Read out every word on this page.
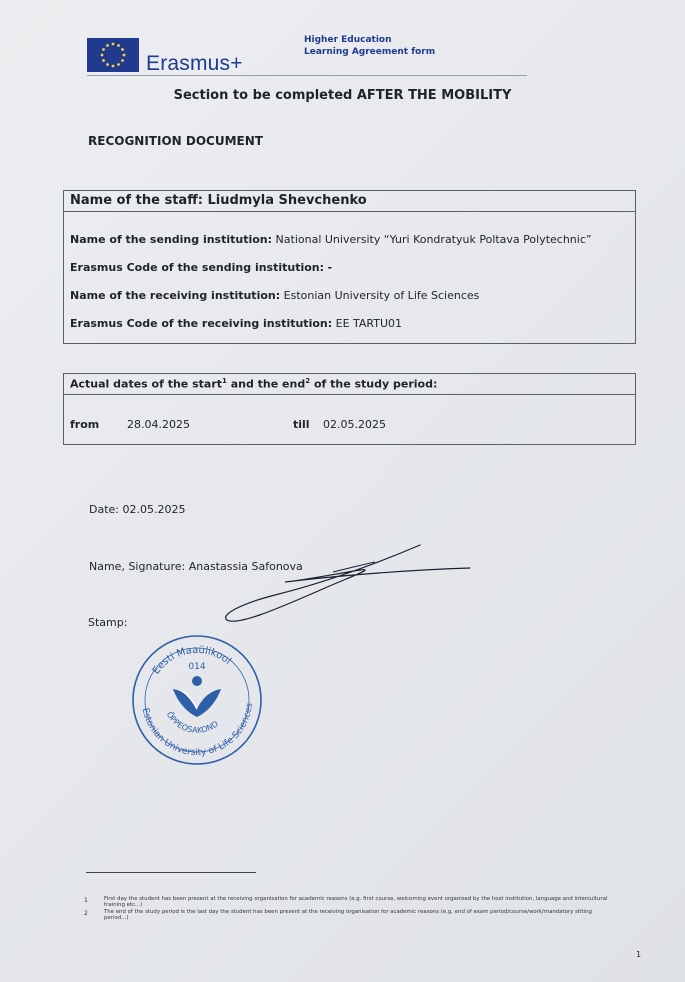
Erasmus+
Higher Education
Learning Agreement form
Section to be completed AFTER THE MOBILITY
RECOGNITION DOCUMENT
Name of the staff: Liudmyla Shevchenko
Name of the sending institution: National University “Yuri Kondratyuk Poltava Polytechnic”
Erasmus Code of the sending institution: -
Name of the receiving institution: Estonian University of Life Sciences
Erasmus Code of the receiving institution: EE TARTU01
Actual dates of the start$^1$ and the end$^2$ of the study period:
from	28.04.2025	till 02.05.2025
Date: 02.05.2025
Name, Signature: Anastassia Safonova
Stamp:
Eesti Maaülikool
Estonian University of Life Sciences
ÕPPEOSAKOND
014
1	First day the student has been present at the receiving organisation for academic reasons (e.g. first course, welcoming event organised by the host institution, language and intercultural training etc...)
2	The end of the study period is the last day the student has been present at the receiving organisation for academic reasons (e.g. end of exam period/course/work/mandatory sitting period...)
1
